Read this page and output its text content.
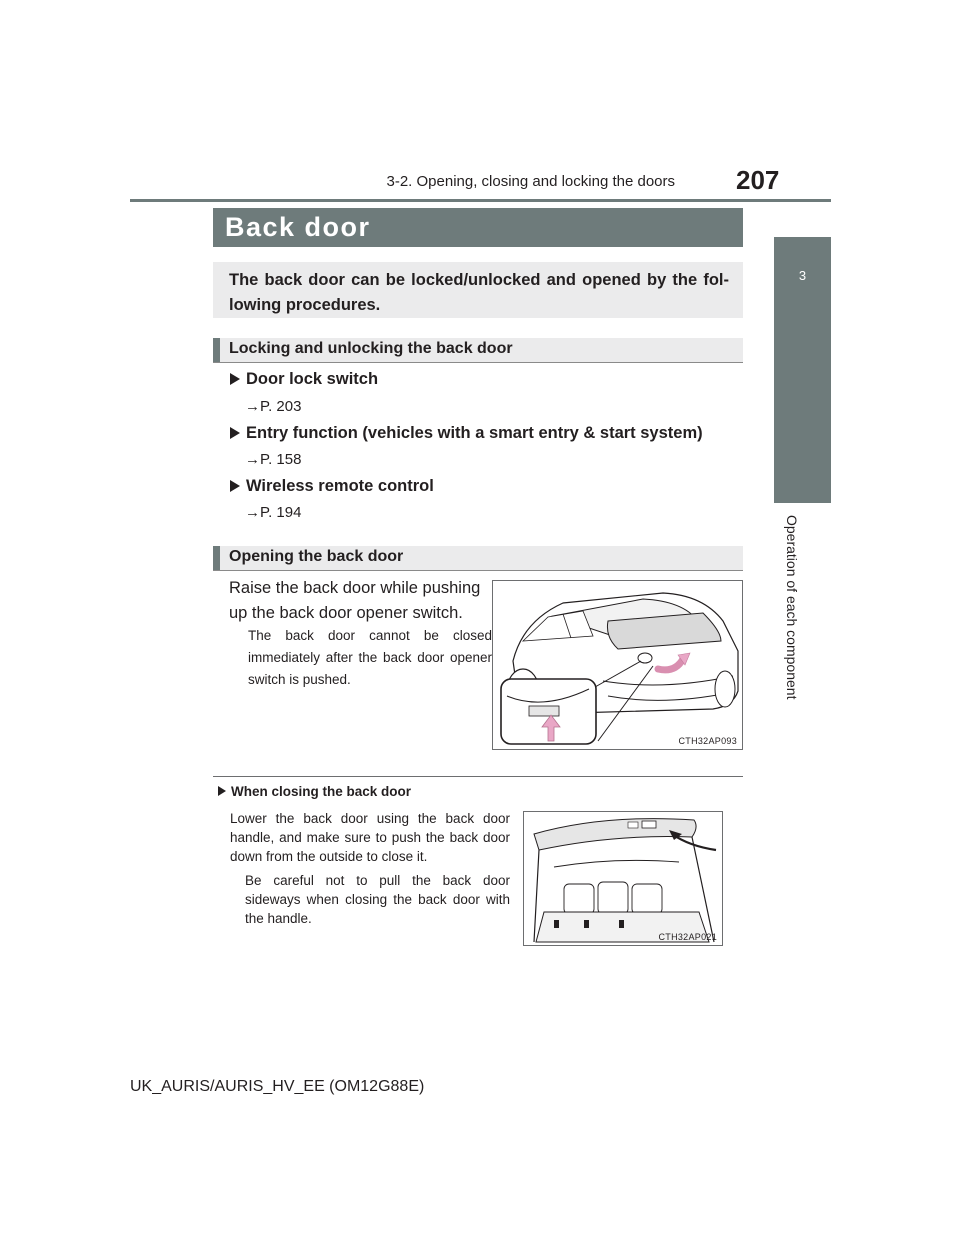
3-2. Opening, closing and locking the doors 207
3
Operation of each component
Back door
The back door can be locked/unlocked and opened by the fol-lowing procedures.
Locking and unlocking the back door
Door lock switch
→P. 203
Entry function (vehicles with a smart entry & start system)
→P. 158
Wireless remote control
→P. 194
Opening the back door
Raise the back door while pushing up the back door opener switch.
The back door cannot be closed immediately after the back door opener switch is pushed.
CTH32AP093
When closing the back door
Lower the back door using the back door handle, and make sure to push the back door down from the outside to close it.
Be careful not to pull the back door sideways when closing the back door with the handle.
CTH32AP021
UK_AURIS/AURIS_HV_EE (OM12G88E)
